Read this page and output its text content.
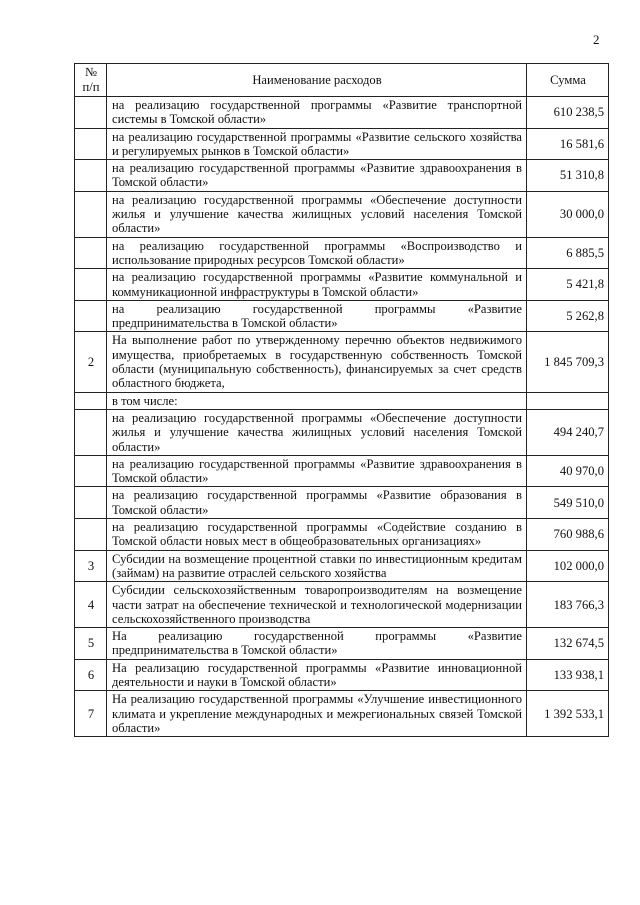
2
№ п/п	Наименование расходов	Сумма
	на реализацию государственной программы «Развитие транспортной системы в Томской области»	610 238,5
	на реализацию государственной программы «Развитие сельского хозяйства и регулируемых рынков в Томской области»	16 581,6
	на реализацию государственной программы «Развитие здравоохранения в Томской области»	51 310,8
	на реализацию государственной программы «Обеспечение доступности жилья и улучшение качества жилищных условий населения Томской области»	30 000,0
	на реализацию государственной программы «Воспроизводство и использование природных ресурсов Томской области»	6 885,5
	на реализацию государственной программы «Развитие коммунальной и коммуникационной инфраструктуры в Томской области»	5 421,8
	на реализацию государственной программы «Развитие предпринимательства в Томской области»	5 262,8
2	На выполнение работ по утвержденному перечню объектов недвижимого имущества, приобретаемых в государственную собственность Томской области (муниципальную собственность), финансируемых за счет средств областного бюджета,	1 845 709,3
	в том числе:	
	на реализацию государственной программы «Обеспечение доступности жилья и улучшение качества жилищных условий населения Томской области»	494 240,7
	на реализацию государственной программы «Развитие здравоохранения в Томской области»	40 970,0
	на реализацию государственной программы «Развитие образования в Томской области»	549 510,0
	на реализацию государственной программы «Содействие созданию в Томской области новых мест в общеобразовательных организациях»	760 988,6
3	Субсидии на возмещение процентной ставки по инвестиционным кредитам (займам) на развитие отраслей сельского хозяйства	102 000,0
4	Субсидии сельскохозяйственным товаропроизводителям на возмещение части затрат на обеспечение технической и технологической модернизации сельскохозяйственного производства	183 766,3
5	На реализацию государственной программы «Развитие предпринимательства в Томской области»	132 674,5
6	На реализацию государственной программы «Развитие инновационной деятельности и науки в Томской области»	133 938,1
7	На реализацию государственной программы «Улучшение инвестиционного климата и укрепление международных и межрегиональных связей Томской области»	1 392 533,1
